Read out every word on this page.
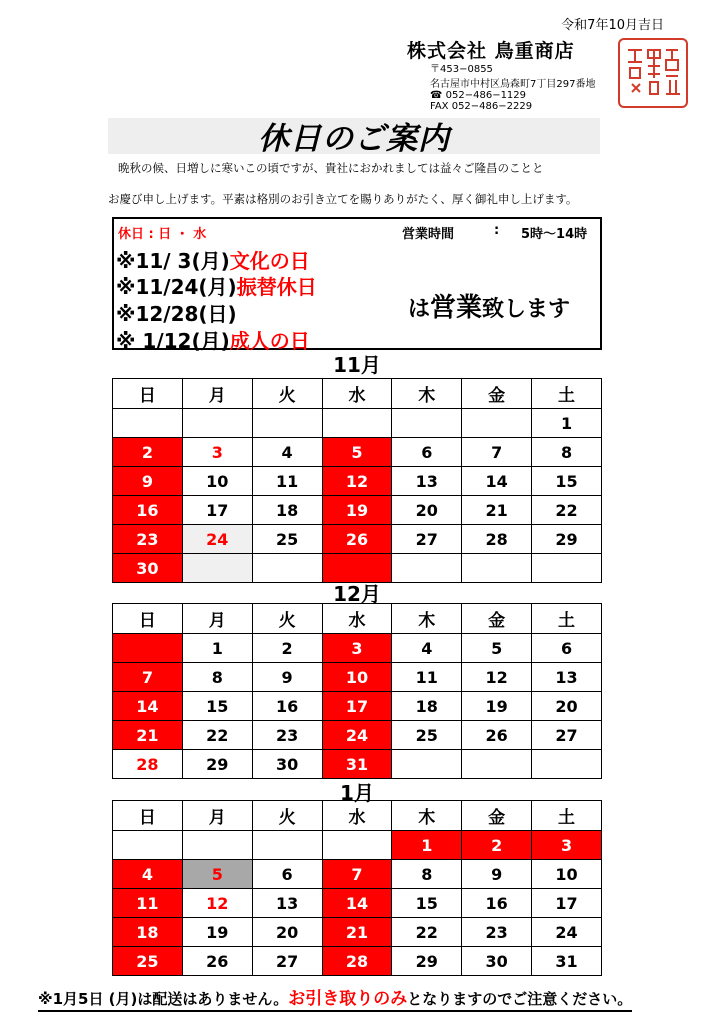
令和7年10月吉日
株式会社 鳥重商店
〒453−0855
名古屋市中村区鳥森町7丁目297番地
☎ 052−486−1129
FAX 052−486−2229
休日のご案内
晩秋の候、日増しに寒いこの頃ですが、貴社におかれましては益々ご隆昌のことと
お慶び申し上げます。平素は格別のお引き立てを賜りありがたく、厚く御礼申し上げます。
休日 : 日 ・ 水	営業時間	: 5時〜14時
※11/ 3(月)文化の日
※11/24(月)振替休日
※12/28(日)
※ 1/12(月)成人の日
は営業致します
11月
12月
1月
日	月	火	水	木	金	土
						1
2	3	4	5	6	7	8
9	10	11	12	13	14	15
16	17	18	19	20	21	22
23	24	25	26	27	28	29
30						
日	月	火	水	木	金	土
	1	2	3	4	5	6
7	8	9	10	11	12	13
14	15	16	17	18	19	20
21	22	23	24	25	26	27
28	29	30	31			
日	月	火	水	木	金	土
				1	2	3
4	5	6	7	8	9	10
11	12	13	14	15	16	17
18	19	20	21	22	23	24
25	26	27	28	29	30	31
※1月5日 (月)は配送はありません。お引き取りのみとなりますのでご注意ください。
